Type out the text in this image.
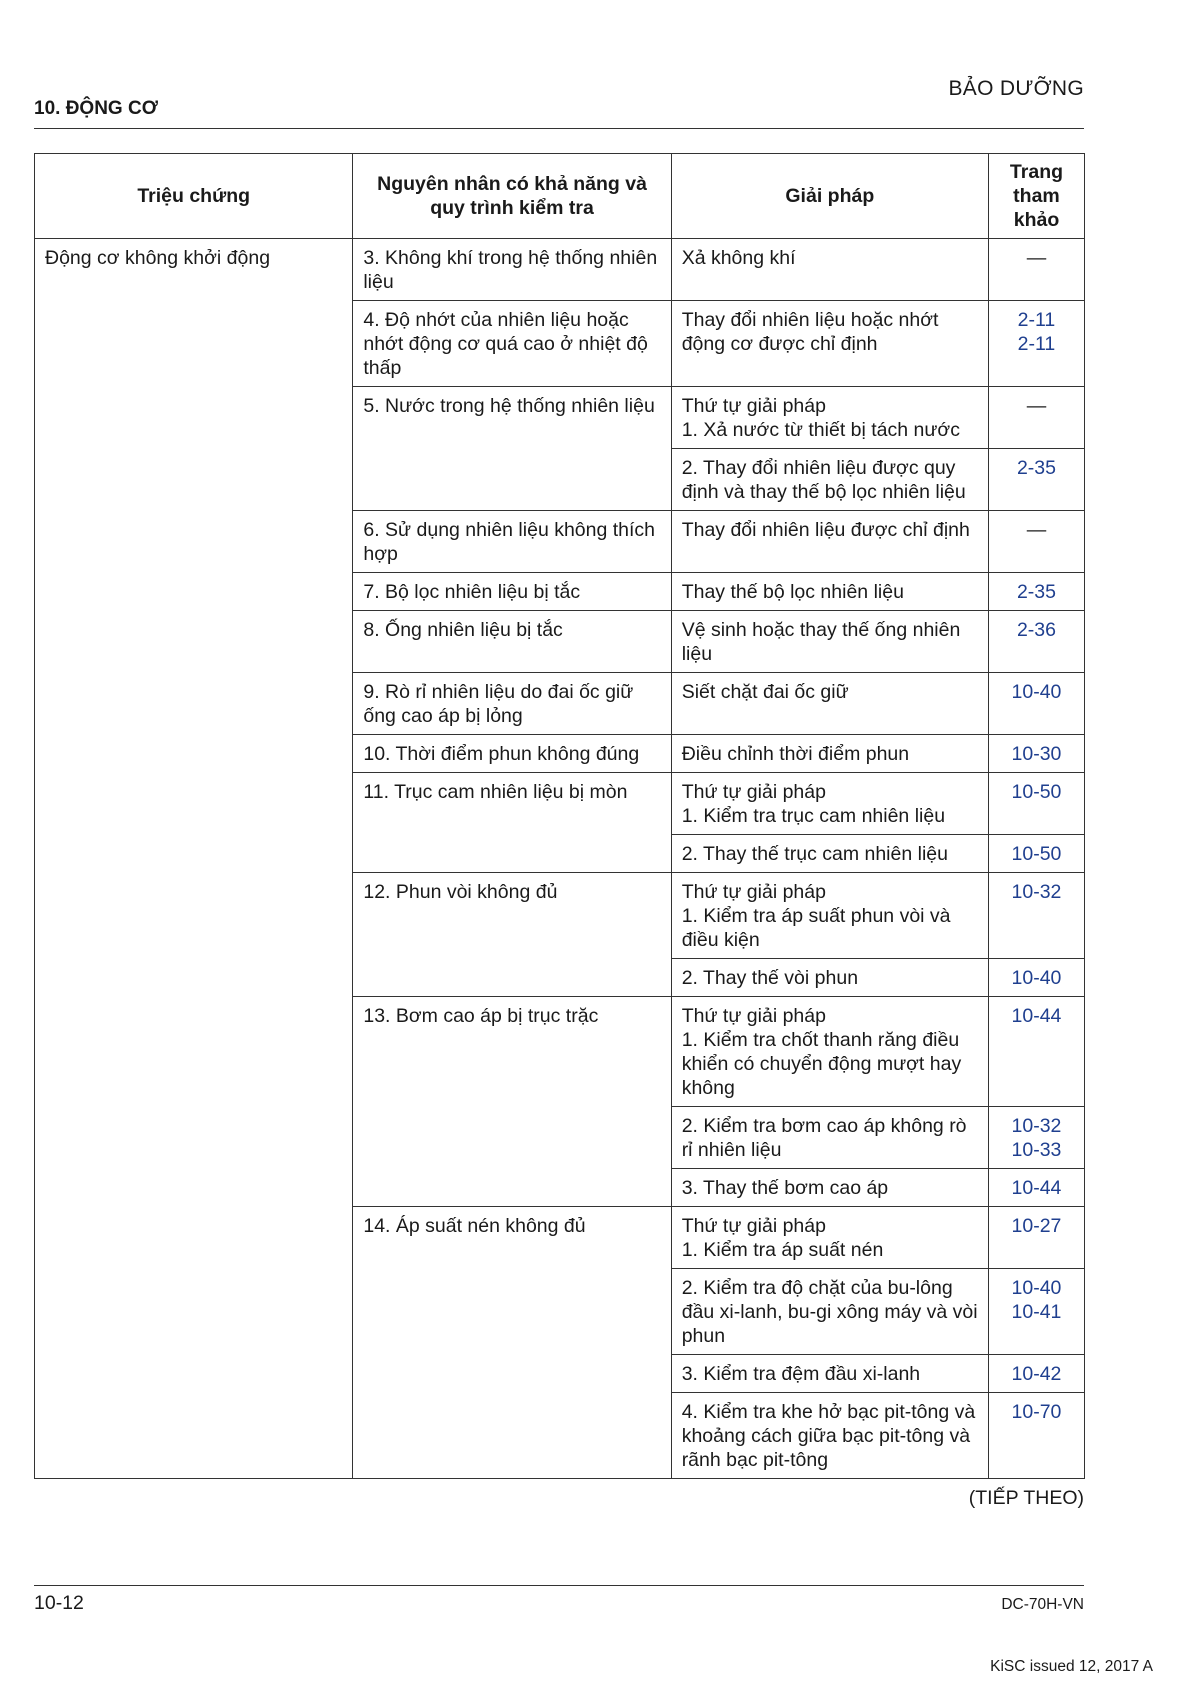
BẢO DƯỠNG
10. ĐỘNG CƠ
Triệu chứng	Nguyên nhân có khả năng và quy trình kiểm tra	Giải pháp	Trang tham khảo
Động cơ không khởi động	3. Không khí trong hệ thống nhiên liệu	Xả không khí	—

	4. Độ nhớt của nhiên liệu hoặc nhớt động cơ quá cao ở nhiệt độ thấp	Thay đổi nhiên liệu hoặc nhớt động cơ được chỉ định	2-11
2-11

	5. Nước trong hệ thống nhiên liệu	Thứ tự giải pháp
1. Xả nước từ thiết bị tách nước	—

		2. Thay đổi nhiên liệu được quy định và thay thế bộ lọc nhiên liệu	2-35

	6. Sử dụng nhiên liệu không thích hợp	Thay đổi nhiên liệu được chỉ định	—

	7. Bộ lọc nhiên liệu bị tắc	Thay thế bộ lọc nhiên liệu	2-35

	8. Ống nhiên liệu bị tắc	Vệ sinh hoặc thay thế ống nhiên liệu	2-36

	9. Rò rỉ nhiên liệu do đai ốc giữ ống cao áp bị lỏng	Siết chặt đai ốc giữ	10-40

	10. Thời điểm phun không đúng	Điều chỉnh thời điểm phun	10-30

	11. Trục cam nhiên liệu bị mòn	Thứ tự giải pháp
1. Kiểm tra trục cam nhiên liệu	10-50

		2. Thay thế trục cam nhiên liệu	10-50

	12. Phun vòi không đủ	Thứ tự giải pháp
1. Kiểm tra áp suất phun vòi và điều kiện	10-32

		2. Thay thế vòi phun	10-40

	13. Bơm cao áp bị trục trặc	Thứ tự giải pháp
1. Kiểm tra chốt thanh răng điều khiển có chuyển động mượt hay không	10-44

		2. Kiểm tra bơm cao áp không rò rỉ nhiên liệu	10-32
10-33

		3. Thay thế bơm cao áp	10-44

	14. Áp suất nén không đủ	Thứ tự giải pháp
1. Kiểm tra áp suất nén	10-27

		2. Kiểm tra độ chặt của bu-lông đầu xi-lanh, bu-gi xông máy và vòi phun	10-40
10-41

		3. Kiểm tra đệm đầu xi-lanh	10-42

		4. Kiểm tra khe hở bạc pit-tông và khoảng cách giữa bạc pit-tông và rãnh bạc pit-tông	10-70
(TIẾP THEO)
10-12	DC-70H-VN
KiSC issued 12, 2017 A
